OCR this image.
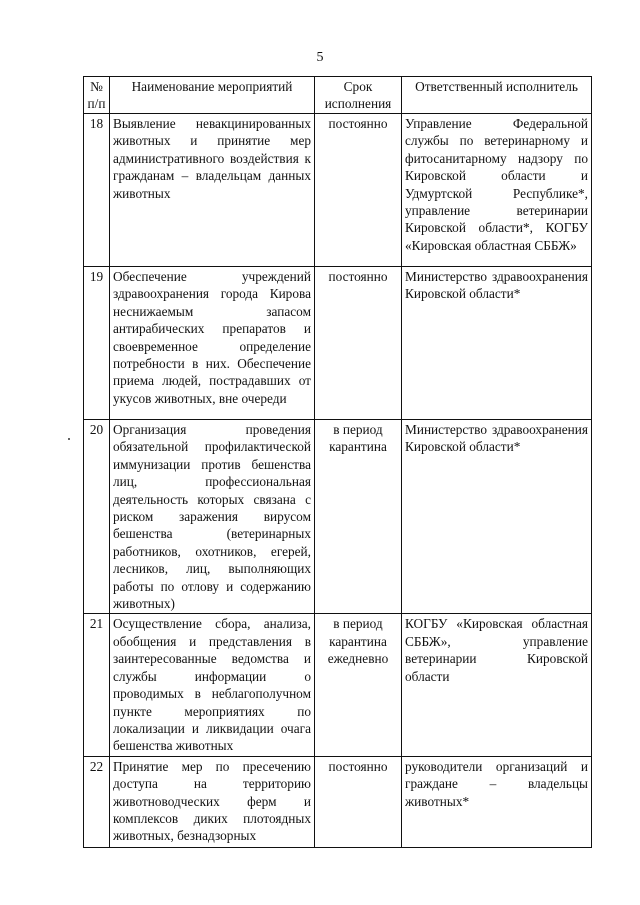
5
№ п/п	Наименование мероприятий	Срок исполнения	Ответственный исполнитель
18	Выявление невакцинированных животных и принятие мер административного воздействия к гражданам – владельцам данных животных	постоянно	Управление Федеральной службы по ветеринарному и фитосанитарному надзору по Кировской области и Удмуртской Республике*, управление ветеринарии Кировской области*, КОГБУ «Кировская областная СББЖ»
19	Обеспечение учреждений здравоохранения города Кирова неснижаемым запасом антирабических препаратов и своевременное определение потребности в них. Обеспечение приема людей, пострадавших от укусов животных, вне очереди	постоянно	Министерство здравоохранения Кировской области*
20	Организация проведения обязательной профилактической иммунизации против бешенства лиц, профессиональная деятельность которых связана с риском заражения вирусом бешенства (ветеринарных работников, охотников, егерей, лесников, лиц, выполняющих работы по отлову и содержанию животных)	в период карантина	Министерство здравоохранения Кировской области*
21	Осуществление сбора, анализа, обобщения и представления в заинтересованные ведомства и службы информации о проводимых в неблагополучном пункте мероприятиях по локализации и ликвидации очага бешенства животных	в период карантина ежедневно	КОГБУ «Кировская областная СББЖ», управление ветеринарии Кировской области
22	Принятие мер по пресечению доступа на территорию животноводческих ферм и комплексов диких плотоядных животных, безнадзорных	постоянно	руководители организаций и граждане – владельцы животных*
